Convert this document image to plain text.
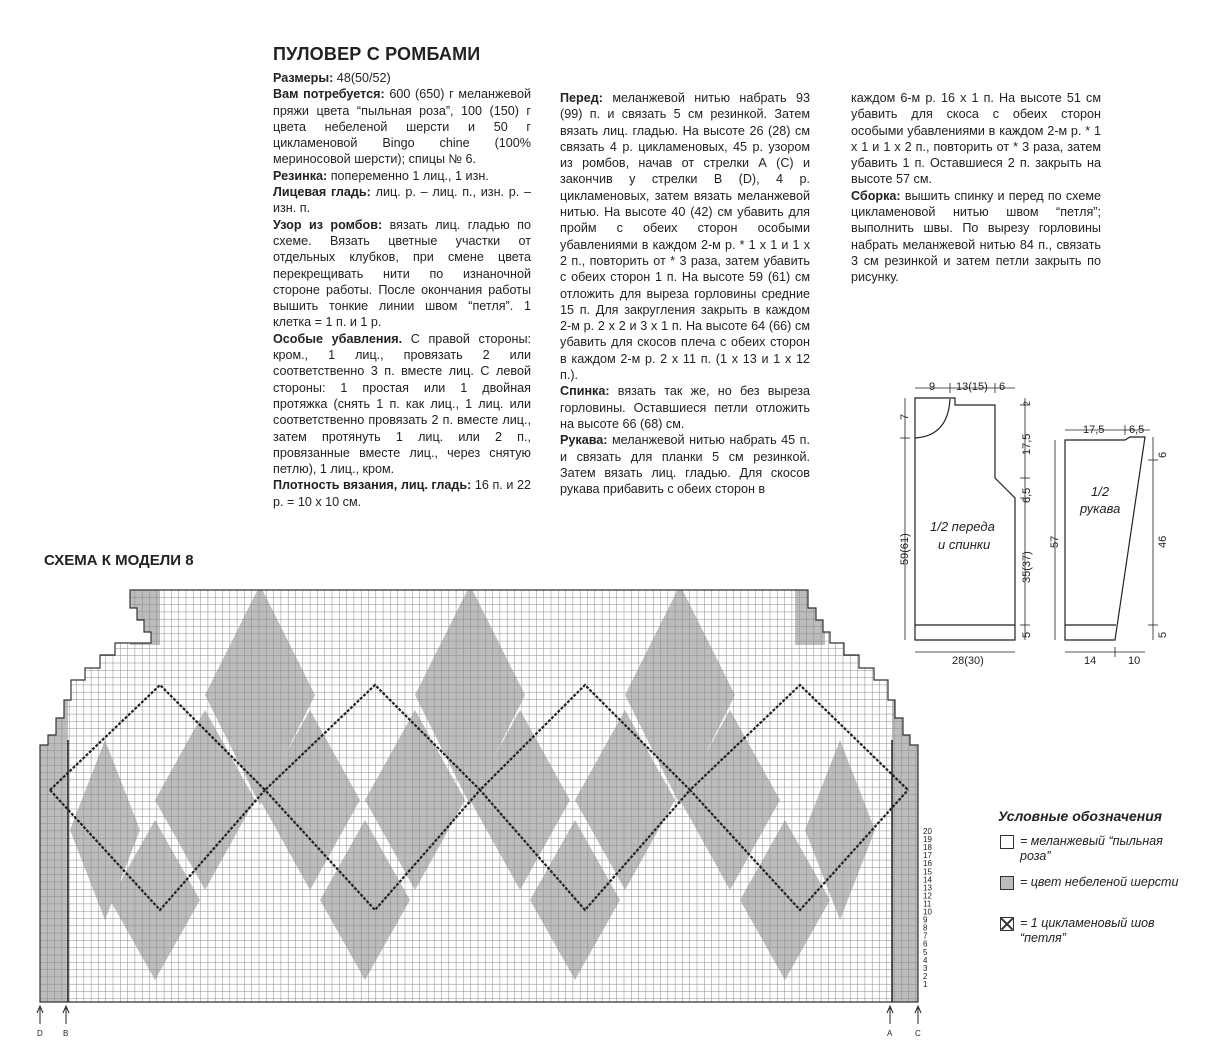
ПУЛОВЕР С РОМБАМИ

Размеры: 48(50/52)

Вам потребуется: 600 (650) г меланжевой пряжи цвета “пыльная роза”, 100 (150) г цвета небеленой шерсти и 50 г цикламеновой Bingo chine (100% мериносовой шерсти); спицы № 6.

Резинка: попеременно 1 лиц., 1 изн.

Лицевая гладь: лиц. р. – лиц. п., изн. р. – изн. п.

Узор из ромбов: вязать лиц. гладью по схеме. Вязать цветные участки от отдельных клубков, при смене цвета перекрещивать нити по изнаночной стороне работы. После окончания работы вышить тонкие линии швом “петля”. 1 клетка = 1 п. и 1 р.

Особые убавления. С правой стороны: кром., 1 лиц., провязать 2 или соответственно 3 п. вместе лиц. С левой стороны: 1 простая или 1 двойная протяжка (снять 1 п. как лиц., 1 лиц. или соответственно провязать 2 п. вместе лиц., затем протянуть 1 лиц. или 2 п., провязанные вместе лиц., через снятую петлю), 1 лиц., кром.

Плотность вязания, лиц. гладь: 16 п. и 22 р. = 10 х 10 см.

Перед: меланжевой нитью набрать 93 (99) п. и связать 5 см резинкой. Затем вязать лиц. гладью. На высоте 26 (28) см связать 4 р. цикламеновых, 45 р. узором из ромбов, начав от стрелки А (С) и закончив у стрелки В (D), 4 р. цикламеновых, затем вязать меланжевой нитью. На высоте 40 (42) см убавить для пройм с обеих сторон особыми убавлениями в каждом 2-м р. * 1 х 1 и 1 х 2 п., повторить от * 3 раза, затем убавить с обеих сторон 1 п. На высоте 59 (61) см отложить для выреза горловины средние 15 п. Для закругления закрыть в каждом 2-м р. 2 х 2 и 3 х 1 п. На высоте 64 (66) см убавить для скосов плеча с обеих сторон в каждом 2-м р. 2 х 11 п. (1 х 13 и 1 х 12 п.).

Спинка: вязать так же, но без выреза горловины. Оставшиеся петли отложить на высоте 66 (68) см.

Рукава: меланжевой нитью набрать 45 п. и связать для планки 5 см резинкой. Затем вязать лиц. гладью. Для скосов рукава прибавить с обеих сторон в

каждом 6-м р. 16 х 1 п. На высоте 51 см убавить для скоса с обеих сторон особыми убавлениями в каждом 2-м р. * 1 х 1 и 1 х 2 п., повторить от * 3 раза, затем убавить 1 п. Оставшиеся 2 п. закрыть на высоте 57 см.

Сборка: вышить спинку и перед по схеме цикламеновой нитью швом “петля”; выполнить швы. По вырезу горловины набрать меланжевой нитью 84 п., связать 3 см резинкой и затем петли закрыть по рисунку.

СХЕМА К МОДЕЛИ 8
9 13(15) 6
7
59(61)
2
17,5
6,5
35(37)
5
28(30)
1/2 переда
и спинки
17,5 6,5
57
6
46
5
14	10
1/2
рукава
20
19
18
17
16
15
14
13
12
11
10
9
8
7
6
5
4
3
2
1
D	B	A	C
Условные обозначения
= меланжевый “пыльная роза”
= цвет небеленой шерсти
= 1 цикламеновый шов “петля”
